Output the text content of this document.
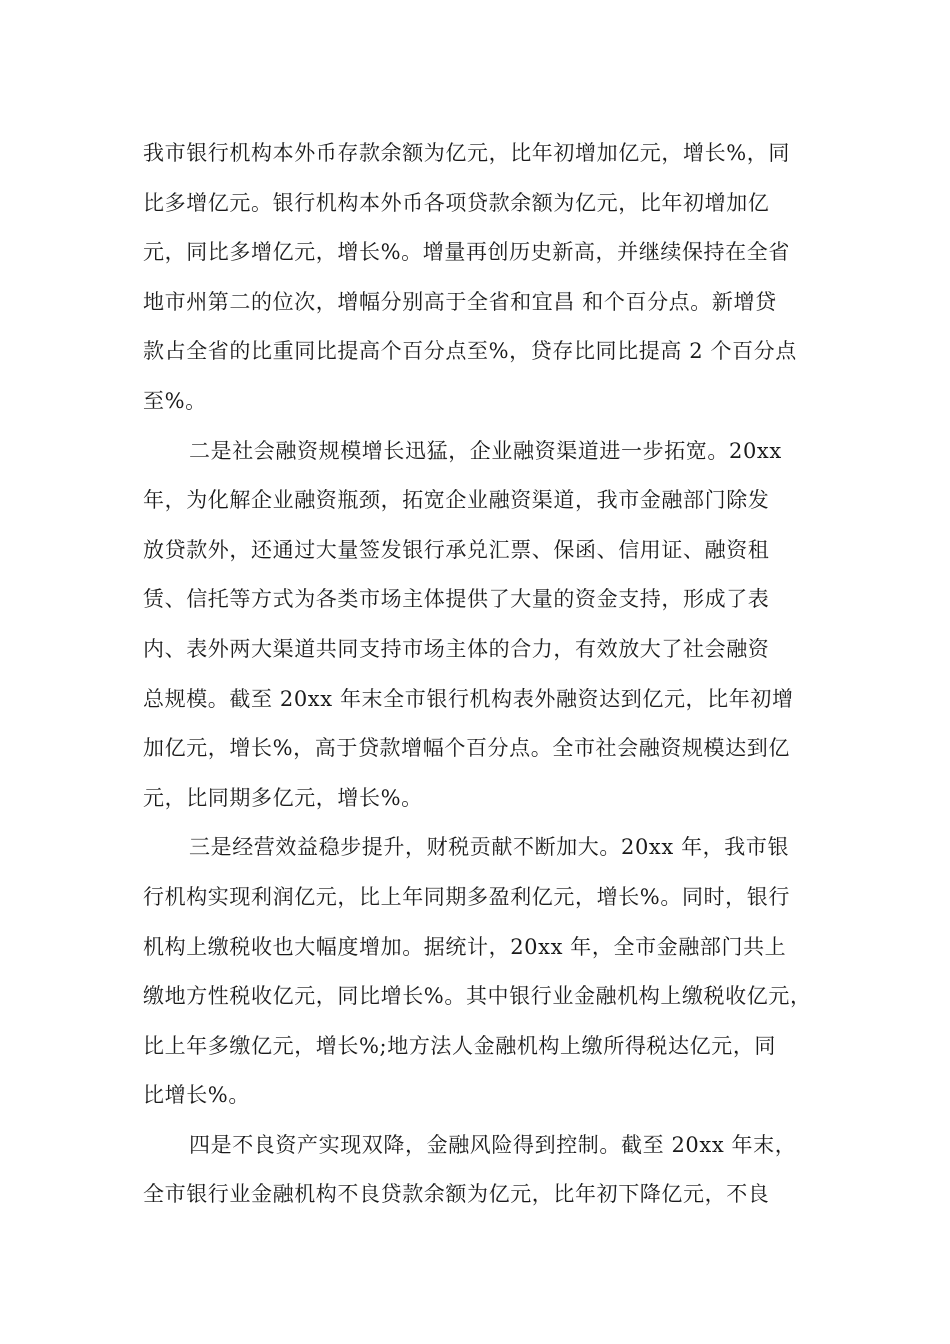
我市银行机构本外币存款余额为亿元，比年初增加亿元，增长%，同
比多增亿元。银行机构本外币各项贷款余额为亿元，比年初增加亿
元，同比多增亿元，增长%。增量再创历史新高，并继续保持在全省
地市州第二的位次，增幅分别高于全省和宜昌 和个百分点。新增贷
款占全省的比重同比提高个百分点至%，贷存比同比提高 2 个百分点
至%。
二是社会融资规模增长迅猛，企业融资渠道进一步拓宽。20xx
年，为化解企业融资瓶颈，拓宽企业融资渠道，我市金融部门除发
放贷款外，还通过大量签发银行承兑汇票、保函、信用证、融资租
赁、信托等方式为各类市场主体提供了大量的资金支持，形成了表
内、表外两大渠道共同支持市场主体的合力，有效放大了社会融资
总规模。截至 20xx 年末全市银行机构表外融资达到亿元，比年初增
加亿元，增长%，高于贷款增幅个百分点。全市社会融资规模达到亿
元，比同期多亿元，增长%。
三是经营效益稳步提升，财税贡献不断加大。20xx 年，我市银
行机构实现利润亿元，比上年同期多盈利亿元，增长%。同时，银行
机构上缴税收也大幅度增加。据统计，20xx 年，全市金融部门共上
缴地方性税收亿元，同比增长%。其中银行业金融机构上缴税收亿元，
比上年多缴亿元，增长%;地方法人金融机构上缴所得税达亿元，同
比增长%。
四是不良资产实现双降，金融风险得到控制。截至 20xx 年末，
全市银行业金融机构不良贷款余额为亿元，比年初下降亿元，不良
